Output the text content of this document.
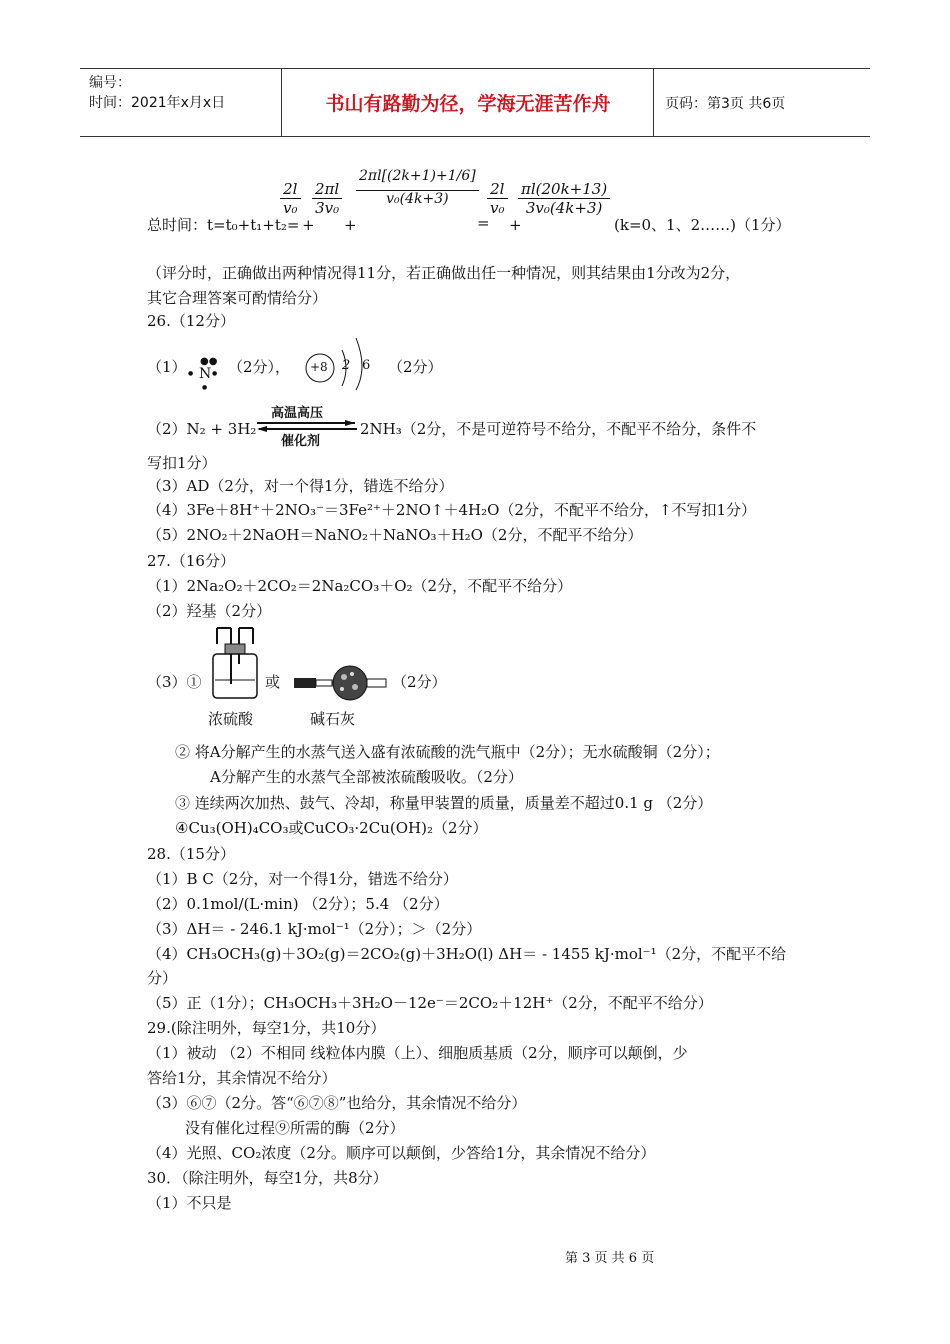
编号：
时间：2021年x月x日	书山有路勤为径，学海无涯苦作舟	页码：第3页 共6页
总时间：t=t₀+t₁+t₂=
$\frac{2l}{\text{v₀}}$
+
$\frac{2\pi l}{\text{3v₀}}$
+
$\frac{2\pi l[(2k+1)+1/6]}{\text{v₀(4k+3)}}$
=
$\frac{2l}{\text{v₀}}$
+
$\frac{\pi l(20k+13)}{\text{3v₀(4k+3)}}$
(k=0、1、2……)（1分）
（评分时，正确做出两种情况得11分，若正确做出任一种情况，则其结果由1分改为2分，
其它合理答案可酌情给分）
26.（12分）
（1） N
●●
●	●
●
（2分）， +8 2 6 （2分）
（2）N₂ + 3H₂
高温高压
催化剂
2NH₃（2分，不是可逆符号不给分，不配平不给分，条件不
写扣1分）
（3）AD（2分，对一个得1分，错选不给分）
（4）3Fe＋8H⁺＋2NO₃⁻＝3Fe²⁺＋2NO↑＋4H₂O（2分，不配平不给分，↑不写扣1分）
（5）2NO₂＋2NaOH＝NaNO₂＋NaNO₃＋H₂O（2分，不配平不给分）
27.（16分）
（1）2Na₂O₂＋2CO₂＝2Na₂CO₃＋O₂（2分，不配平不给分）
（2）羟基（2分）
（3）①	或	（2分）
浓硫酸	碱石灰
② 将A分解产生的水蒸气送入盛有浓硫酸的洗气瓶中（2分）；无水硫酸铜（2分）；
A分解产生的水蒸气全部被浓硫酸吸收。（2分）
③ 连续两次加热、鼓气、冷却，称量甲装置的质量，质量差不超过0.1 g （2分）
④Cu₃(OH)₄CO₃或CuCO₃·2Cu(OH)₂（2分）
28.（15分）
（1）B C（2分，对一个得1分，错选不给分）
（2）0.1mol/(L·min) （2分）；5.4 （2分）
（3）ΔH＝ - 246.1 kJ·mol⁻¹（2分）；＞（2分）
（4）CH₃OCH₃(g)＋3O₂(g)＝2CO₂(g)＋3H₂O(l) ΔH＝ - 1455 kJ·mol⁻¹（2分，不配平不给
分）
（5）正（1分）；CH₃OCH₃＋3H₂O－12e⁻＝2CO₂＋12H⁺（2分，不配平不给分）
29.(除注明外，每空1分，共10分）
（1）被动 （2）不相同 线粒体内膜（上）、细胞质基质（2分，顺序可以颠倒，少
答给1分，其余情况不给分）
（3）⑥⑦（2分。答“⑥⑦⑧”也给分，其余情况不给分）
没有催化过程⑨所需的酶（2分）
（4）光照、CO₂浓度（2分。顺序可以颠倒，少答给1分，其余情况不给分）
30．（除注明外，每空1分，共8分）
（1）不只是
第 3 页 共 6 页
